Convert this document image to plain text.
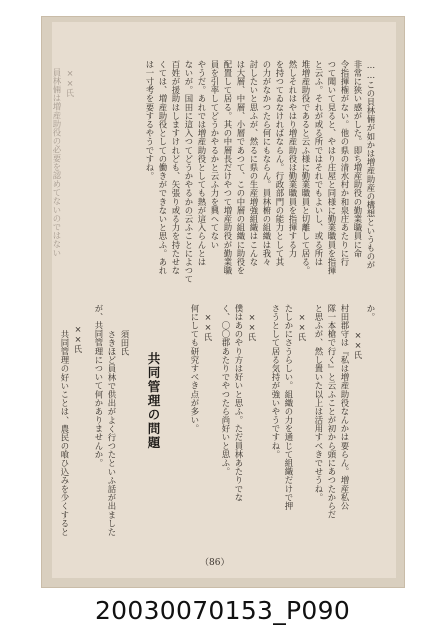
……この貝林倆が如かは増産助産の構想というものが
非常に狭い感がした。即ち増産助役の勤業職員に命
令指揮権がない。他の県の清水村か和泉庄あたりに行
つて聞いて見ると、やはり庄屋と同様に勤業職員を指揮
と云ふ。それが或る所ではそれでもよいし、或る所は
堆増産助役であると云ふ様に勤業職員と切離して居る。
然しそれはやはり増産助役は勤業職員を指揮する力
を持つてゐなければならん。行政部門の能力として其
の力がなかつたら何にもならん。員林椨の組織は我々
討したいと思ふが、然るに県の生産増強組織はこんな
は大層、中層、小層であつて、この中層の組織に助役を
配置して居る。其の中層長だけやつて増産助役が勤業職
員を引率してどうかやるかと云ふ力を興へてない
やうだ。あれでは増産助役としても熱が這入らんとは
ないが。国田に這入つてどうかやるかの云ふことによつて
百姓が援助はしますけれども、矢張り或る力を持たせな
くては、増産助役としての働きができないと思ふ。あれ
は一寸考を要するやうですね。
××氏
員林倆は増産助役の必要を認めてないのではない
か。
××氏
村田郡守は『私は増産助役なんかは要らん。増産私公
隊一本槍で行く』と云ふことが初から頭にあつたからだ
と思ふが、然し置いた以上は活用すべきでせうね。
××氏
たしかにさうらしい。組織の力を通じて組織だけで押
さうとして居る気持が強いやうですね。
××氏
僕はあのやり方は好いと思ふ。ただ員林あたりでな
く、〇〇郡あたりでやつたら尚好いと思ふ。
××氏
何にしても研究すべき点が多い。
共同管理の問題
須田氏
さきほど員林で供出がよく行つたといふ話が出ました
が、共同管理について何かありませんか。
××氏
共同管理の好いことは、農民の喰ひ込みを少くすると
（86）
20030070153_P090
